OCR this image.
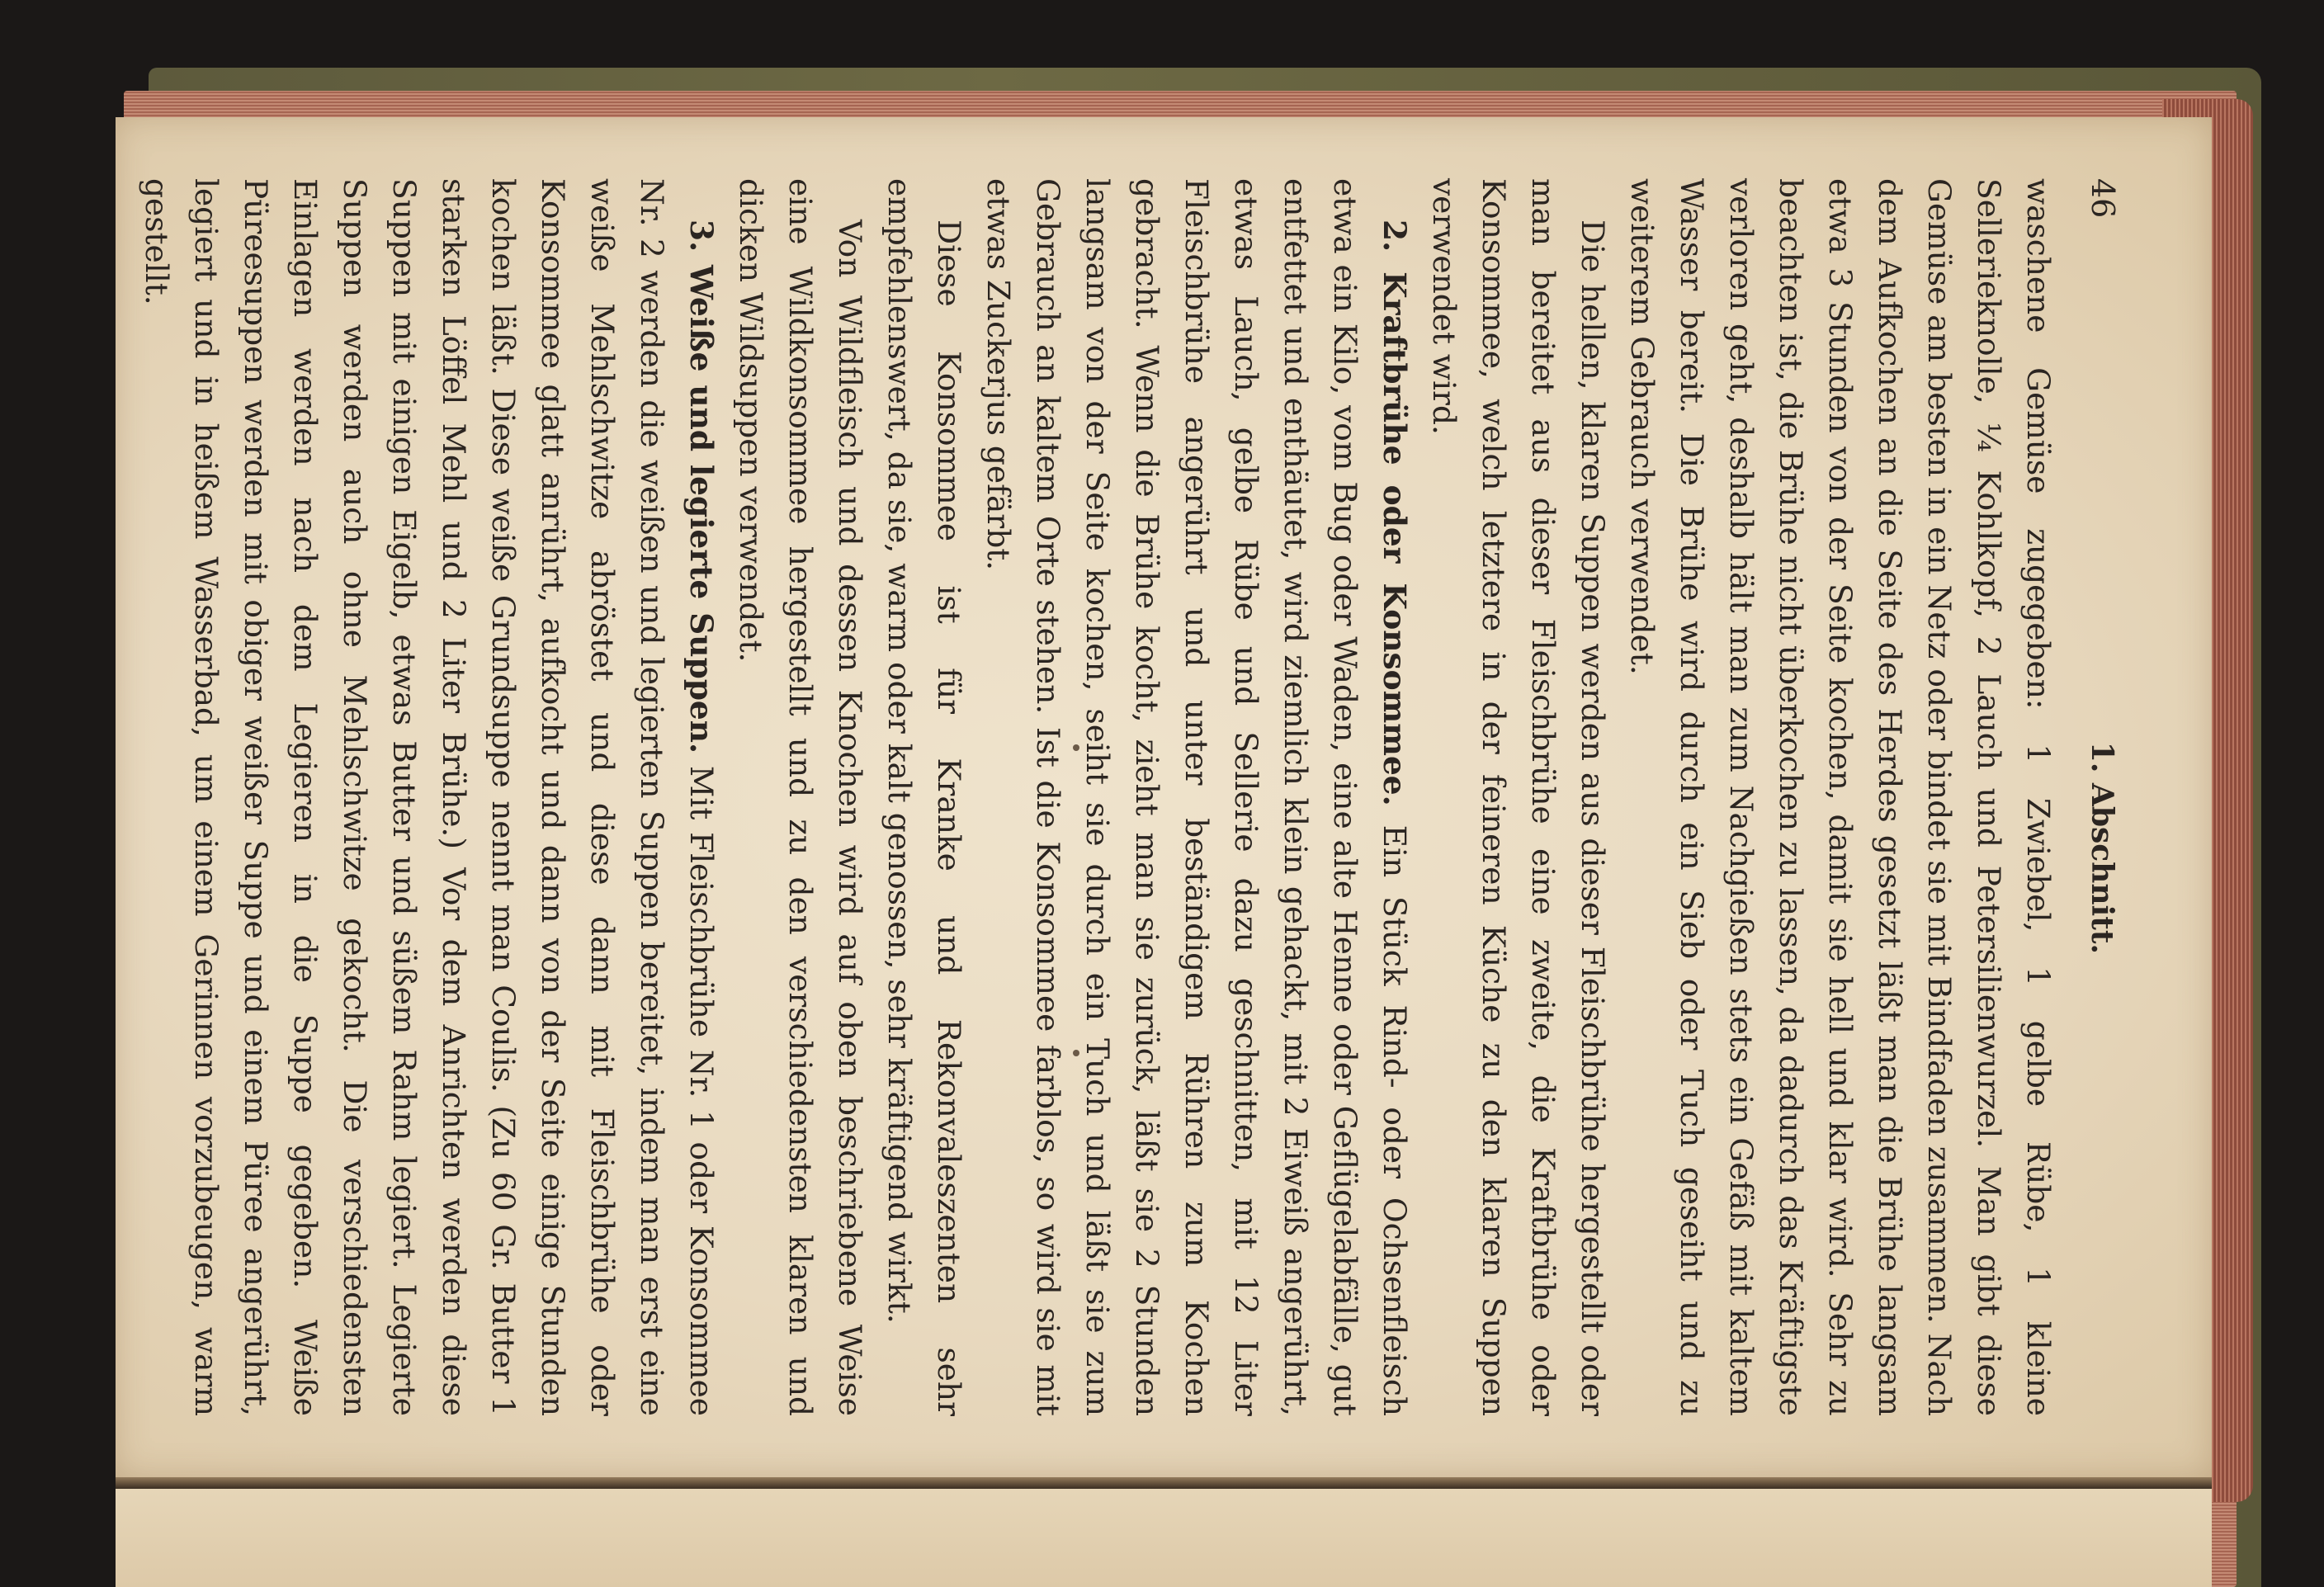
46
1. Abschnitt.

waschene Gemüse zugegeben: 1 Zwiebel, 1 gelbe Rübe, 1 kleine Sellerieknolle, ¼ Kohlkopf, 2 Lauch und Petersilienwurzel. Man gibt diese Gemüse am besten in ein Netz oder bindet sie mit Bindfaden zusammen. Nach dem Aufkochen an die Seite des Herdes gesetzt läßt man die Brühe langsam etwa 3 Stunden von der Seite kochen, damit sie hell und klar wird. Sehr zu beachten ist, die Brühe nicht überkochen zu lassen, da dadurch das Kräftigste verloren geht, deshalb hält man zum Nachgießen stets ein Gefäß mit kaltem Wasser bereit. Die Brühe wird durch ein Sieb oder Tuch geseiht und zu weiterem Gebrauch verwendet.

Die hellen, klaren Suppen werden aus dieser Fleischbrühe hergestellt oder man bereitet aus dieser Fleischbrühe eine zweite, die Kraftbrühe oder Konsommee, welch letztere in der feineren Küche zu den klaren Suppen verwendet wird.

2. Kraftbrühe oder Konsommee. Ein Stück Rind- oder Ochsenfleisch etwa ein Kilo, vom Bug oder Waden, eine alte Henne oder Geflügelabfälle, gut entfettet und enthäutet, wird ziemlich klein gehackt, mit 2 Eiweiß angerührt, etwas Lauch, gelbe Rübe und Sellerie dazu geschnitten, mit 12 Liter Fleischbrühe angerührt und unter beständigem Rühren zum Kochen gebracht. Wenn die Brühe kocht, zieht man sie zurück, läßt sie 2 Stunden langsam von der Seite kochen, seiht sie durch ein Tuch und läßt sie zum Gebrauch an kaltem Orte stehen. Ist die Konsommee farblos, so wird sie mit etwas Zuckerjus gefärbt.

Diese Konsommee ist für Kranke und Rekonvaleszenten sehr empfehlenswert, da sie, warm oder kalt genossen, sehr kräftigend wirkt.

Von Wildfleisch und dessen Knochen wird auf oben beschriebene Weise eine Wildkonsommee hergestellt und zu den verschiedensten klaren und dicken Wildsuppen verwendet.

3. Weiße und legierte Suppen. Mit Fleischbrühe Nr. 1 oder Konsommee Nr. 2 werden die weißen und legierten Suppen bereitet, indem man erst eine weiße Mehlschwitze abröstet und diese dann mit Fleischbrühe oder Konsommee glatt anrührt, aufkocht und dann von der Seite einige Stunden kochen läßt. Diese weiße Grundsuppe nennt man Coulis. (Zu 60 Gr. Butter 1 starken Löffel Mehl und 2 Liter Brühe.) Vor dem Anrichten werden diese Suppen mit einigen Eigelb, etwas Butter und süßem Rahm legiert. Legierte Suppen werden auch ohne Mehlschwitze gekocht. Die verschiedensten Einlagen werden nach dem Legieren in die Suppe gegeben. Weiße Püreesuppen werden mit obiger weißer Suppe und einem Püree angerührt, legiert und in heißem Wasserbad, um einem Gerinnen vorzubeugen, warm gestellt.
